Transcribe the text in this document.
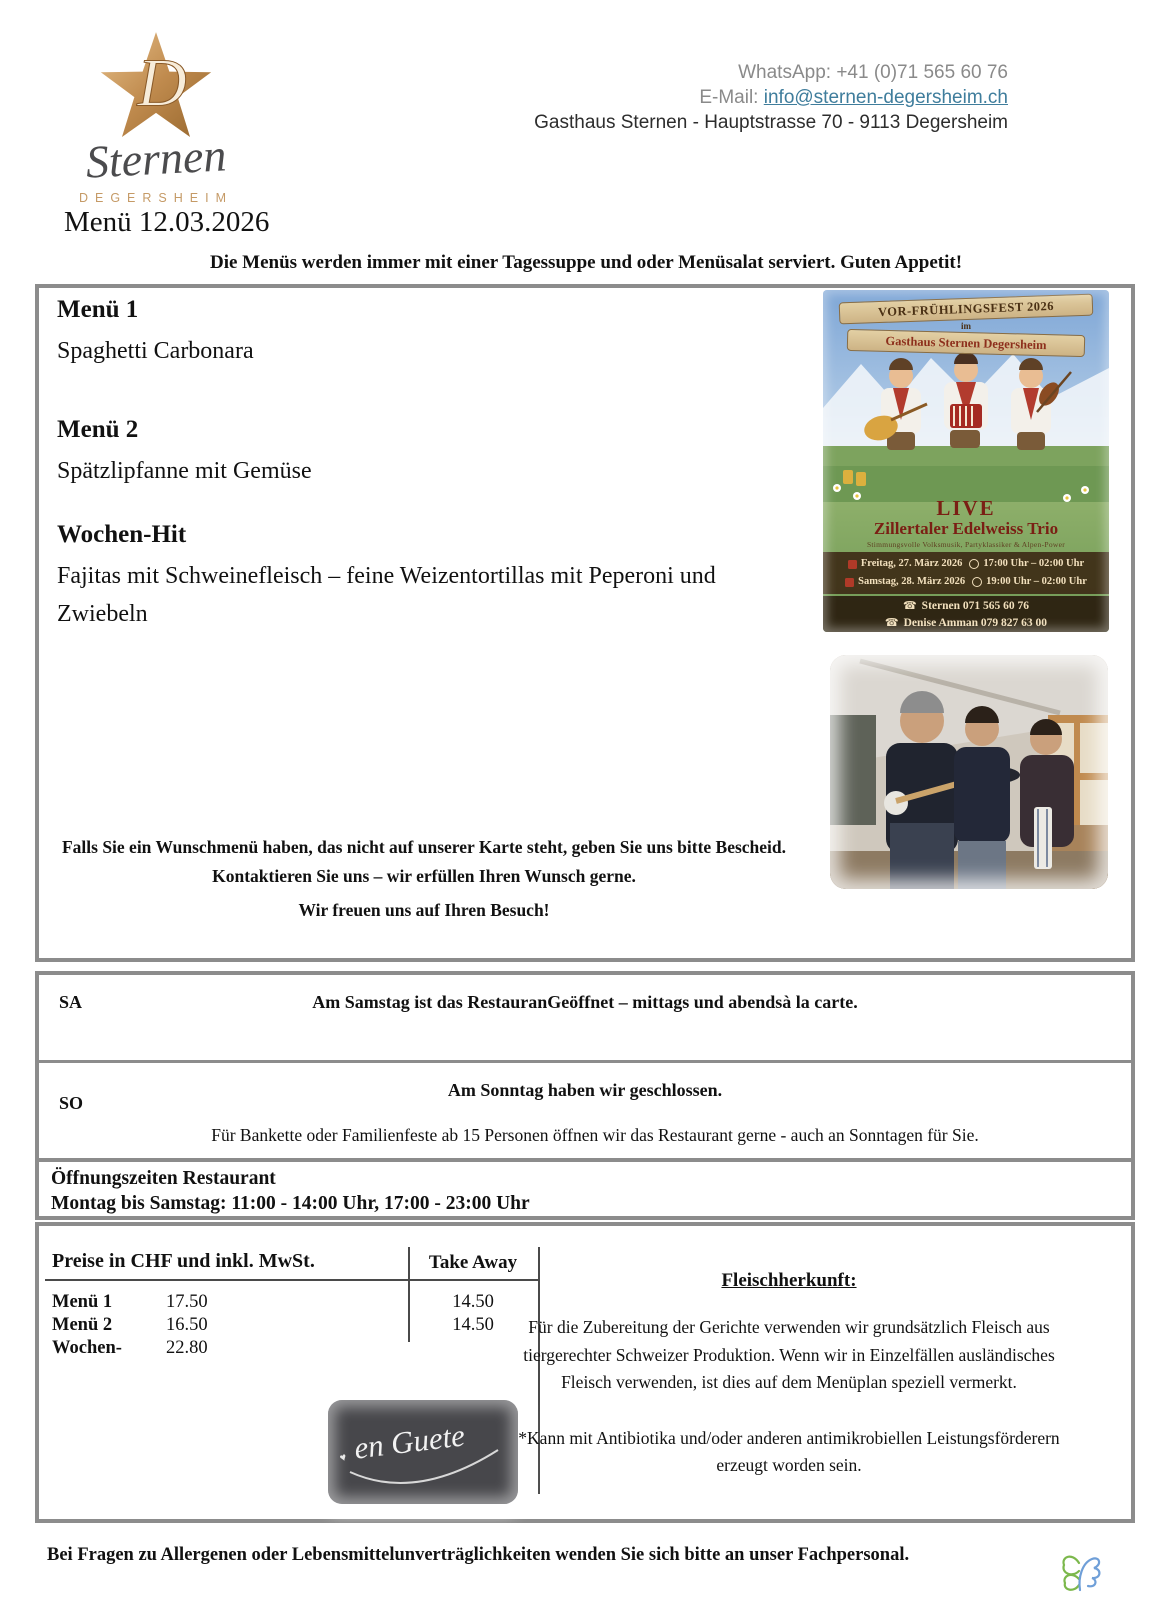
D
Sternen
DEGERSHEIM
WhatsApp: +41 (0)71 565 60 76
E-Mail: info@sternen-degersheim.ch
Gasthaus Sternen - Hauptstrasse 70 - 9113 Degersheim
Menü 12.03.2026
Die Menüs werden immer mit einer Tagessuppe und oder Menüsalat serviert. Guten Appetit!
Menü 1

Spaghetti Carbonara

Menü 2

Spätzlipfanne mit Gemüse

Wochen-Hit

Fajitas mit Schweinefleisch – feine Weizentortillas mit Peperoni und Zwiebeln

VOR-FRÜHLINGSFEST 2026
im
Gasthaus Sternen Degersheim
LIVE
Zillertaler Edelweiss Trio
Stimmungsvolle Volksmusik, Partyklassiker & Alpen-Power
Freitag, 27. März 2026 17:00 Uhr – 02:00 Uhr
Samstag, 28. März 2026 19:00 Uhr – 02:00 Uhr
☎ Sternen 071 565 60 76
☎ Denise Amman 079 827 63 00
Falls Sie ein Wunschmenü haben, das nicht auf unserer Karte steht, geben Sie uns bitte Bescheid. Kontaktieren Sie uns – wir erfüllen Ihren Wunsch gerne.
Wir freuen uns auf Ihren Besuch!
SA	Am Samstag ist das RestauranGeöffnet – mittags und abendsà la carte.
SO
Am Sonntag haben wir geschlossen.
Für Bankette oder Familienfeste ab 15 Personen öffnen wir das Restaurant gerne - auch an Sonntagen für Sie.
Öffnungszeiten Restaurant
Montag bis Samstag: 11:00 - 14:00 Uhr, 17:00 - 23:00 Uhr
Preise in CHF und inkl. MwSt.	Take Away
Menü 1	17.50	14.50
Menü 2	16.50	14.50
Wochen- 22.80
♥ en Guete
Fleischherkunft:
Für die Zubereitung der Gerichte verwenden wir grundsätzlich Fleisch aus tiergerechter Schweizer Produktion. Wenn wir in Einzelfällen ausländisches Fleisch verwenden, ist dies auf dem Menüplan speziell vermerkt.
*Kann mit Antibiotika und/oder anderen antimikrobiellen Leistungsförderern erzeugt worden sein.
Bei Fragen zu Allergenen oder Lebensmittelunverträglichkeiten wenden Sie sich bitte an unser Fachpersonal.
